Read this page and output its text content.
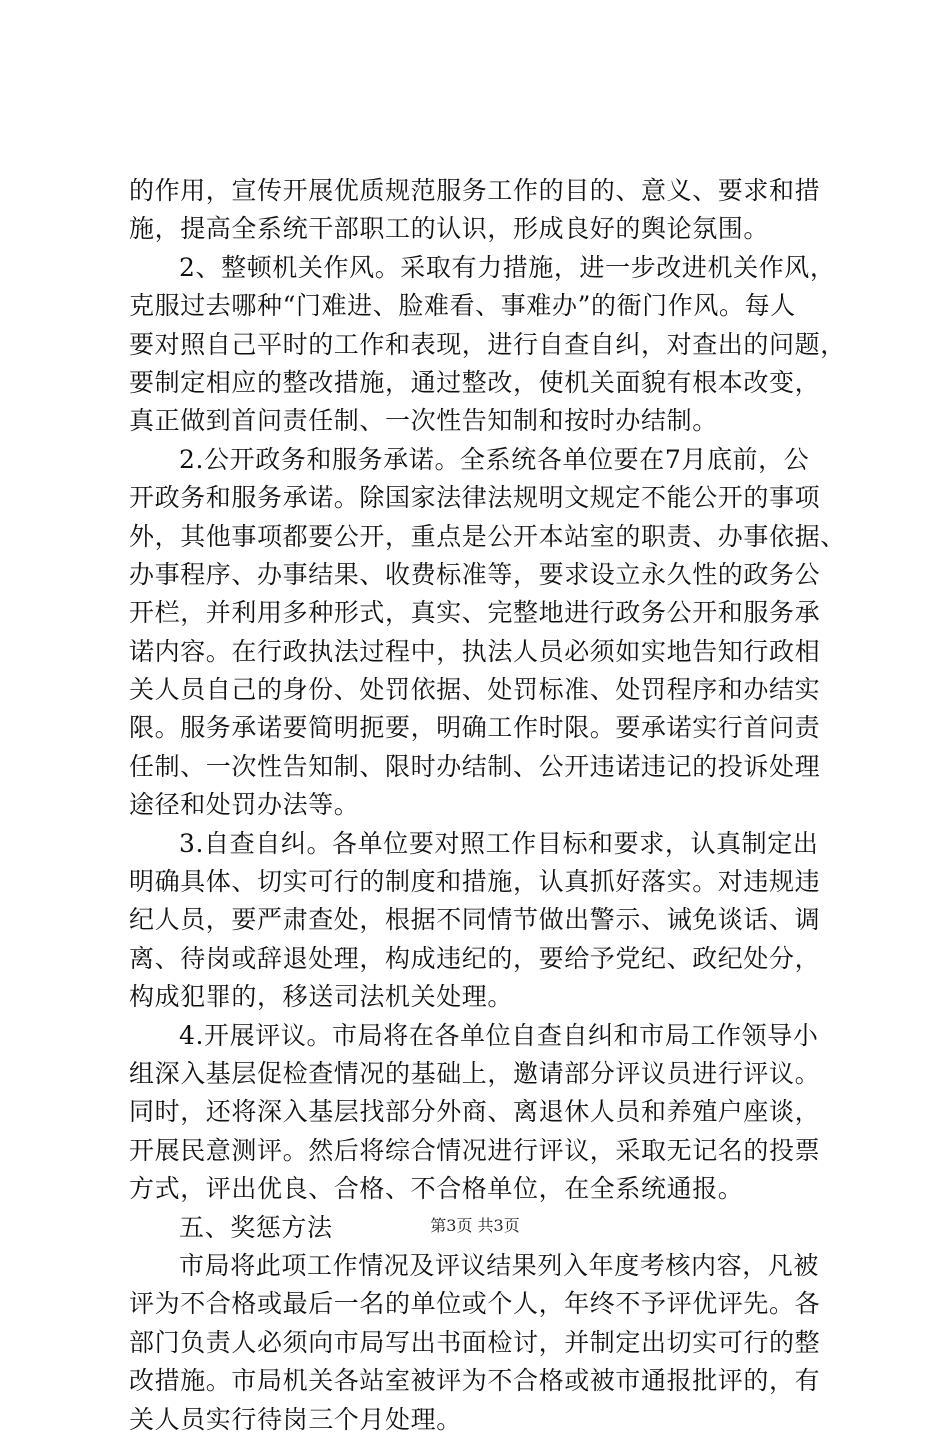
的作用，宣传开展优质规范服务工作的目的、意义、要求和措
施，提高全系统干部职工的认识，形成良好的舆论氛围。
2、整顿机关作风。采取有力措施，进一步改进机关作风，
克服过去哪种“门难进、脸难看、事难办”的衙门作风。每人
要对照自己平时的工作和表现，进行自查自纠，对查出的问题，
要制定相应的整改措施，通过整改，使机关面貌有根本改变，
真正做到首问责任制、一次性告知制和按时办结制。
2.公开政务和服务承诺。全系统各单位要在7月底前，公
开政务和服务承诺。除国家法律法规明文规定不能公开的事项
外，其他事项都要公开，重点是公开本站室的职责、办事依据、
办事程序、办事结果、收费标准等，要求设立永久性的政务公
开栏，并利用多种形式，真实、完整地进行政务公开和服务承
诺内容。在行政执法过程中，执法人员必须如实地告知行政相
关人员自己的身份、处罚依据、处罚标准、处罚程序和办结实
限。服务承诺要简明扼要，明确工作时限。要承诺实行首问责
任制、一次性告知制、限时办结制、公开违诺违记的投诉处理
途径和处罚办法等。
3.自查自纠。各单位要对照工作目标和要求，认真制定出
明确具体、切实可行的制度和措施，认真抓好落实。对违规违
纪人员，要严肃查处，根据不同情节做出警示、诫免谈话、调
离、待岗或辞退处理，构成违纪的，要给予党纪、政纪处分，
构成犯罪的，移送司法机关处理。
4.开展评议。市局将在各单位自查自纠和市局工作领导小
组深入基层促检查情况的基础上，邀请部分评议员进行评议。
同时，还将深入基层找部分外商、离退休人员和养殖户座谈，
开展民意测评。然后将综合情况进行评议，采取无记名的投票
方式，评出优良、合格、不合格单位，在全系统通报。
五、奖惩方法
市局将此项工作情况及评议结果列入年度考核内容，凡被
评为不合格或最后一名的单位或个人，年终不予评优评先。各
部门负责人必须向市局写出书面检讨，并制定出切实可行的整
改措施。市局机关各站室被评为不合格或被市通报批评的，有
关人员实行待岗三个月处理。
第3页 共3页
